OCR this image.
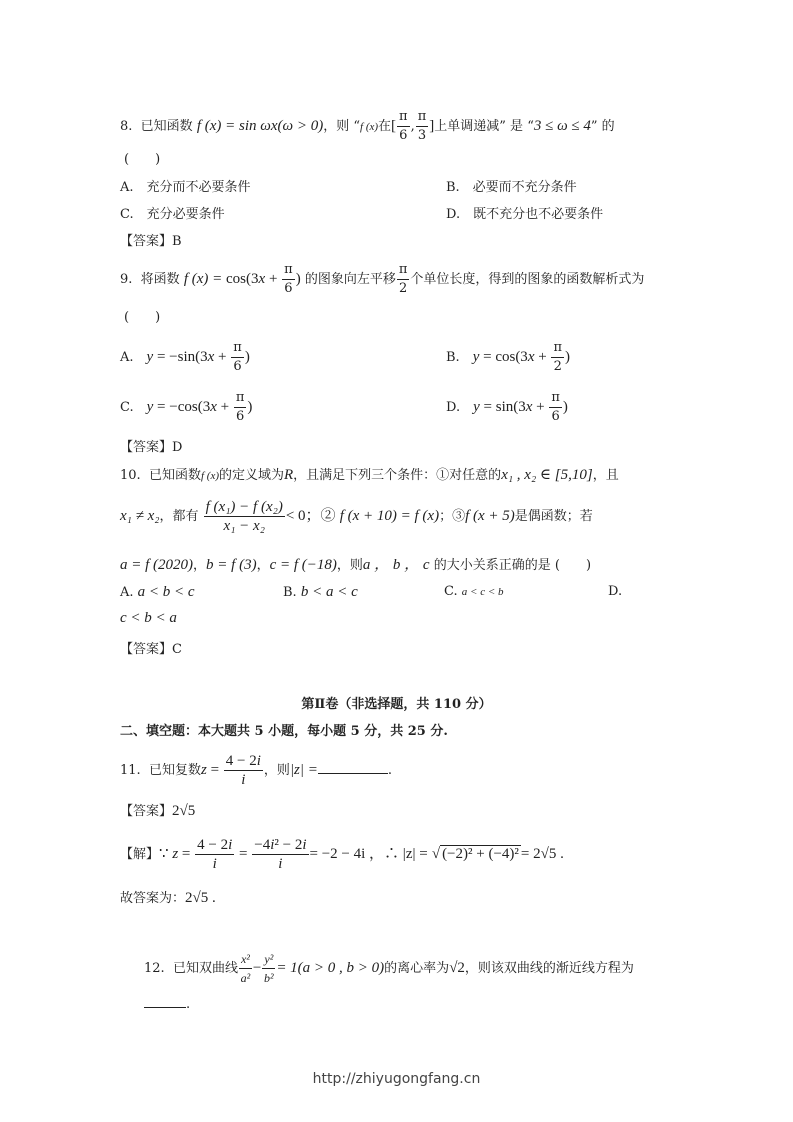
8. 已知函数 f (x) = sin ωx(ω > 0)，则 “f (x)在[ $\frac{\pi}{6}$ , $\frac{\pi}{3}$ ]上单调递减” 是 “3 ≤ ω ≤ 4” 的
(　　)
A.　充分而不必要条件	B.　必要而不充分条件
C.　充分必要条件	D.　既不充分也不必要条件
【答案】B
9. 将函数 f $(x) = \cos(3x + \frac{\pi}{6}$ ) 的图象向左平移 $\frac{\pi}{2}$ 个单位长度，得到的图象的函数解析式为
(　　)
A.　$y = -\sin(3x + \frac{\pi}{6}$ )	B.　$y = \cos(3x + \frac{\pi}{2}$ )
C.　$y = -\cos(3x + \frac{\pi}{6}$ )	D.　$y = \sin(3x + \frac{\pi}{6}$ )
【答案】D
10. 已知函数f (x)的定义域为R，且满足下列三个条件：①对任意的x₁ , x₂ ∈ [5,10]，且
x₁ ≠ x₂，都有 $\frac{\text{f (x₁) − f (x₂)}}{\text{x₁ − x₂}} < 0$；② f (x + 10) = f (x)；③f (x + 5)是偶函数；若
a = f (2020)，b = f (3)，c = f (−18)，则a ， b ， c 的大小关系正确的是 (　　)
A. a < b < c	B. b < a < c	C. a < c < b	D.
c < b < a
【答案】C
第Ⅱ卷（非选择题，共 110 分）
二、填空题：本大题共 5 小题，每小题 5 分，共 25 分.
11. 已知复数$z = \frac{4 - 2i}{i}$ ，则|z| =	.
【答案】2√5
【解】∵ $z = \frac{4 - 2i}{i} = \frac{\text{−4i² − 2i}}{i} = -2 - 4i$ ，∴ |z| = √ (−2)² + (−4)² = 2√5 .
故答案为：2√5 .
12. 已知双曲线 $\frac{\text{x²}}{\text{a²}} - \frac{\text{y²}}{\text{b²}} = 1(a > 0$ , b > 0)的离心率为√2，则该双曲线的渐近线方程为
.
http://zhiyugongfang.cn
